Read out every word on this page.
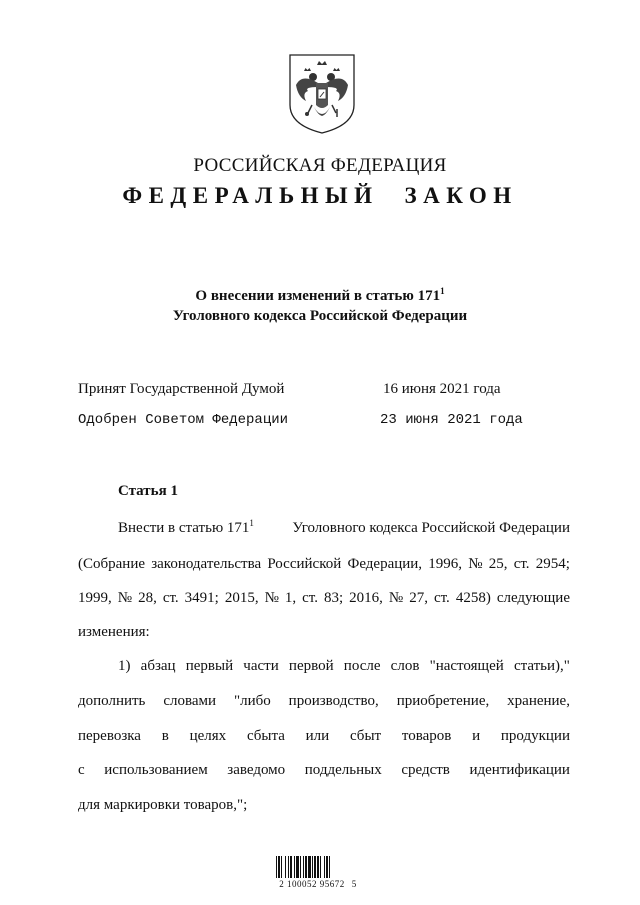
РОССИЙСКАЯ ФЕДЕРАЦИЯ
ФЕДЕРАЛЬНЫЙ ЗАКОН
О внесении изменений в статью $171^1$
Уголовного кодекса Российской Федерации
Принят Государственной Думой	16 июня 2021 года
Одобрен Советом Федерации	23 июня 2021 года
Статья 1
Внести в статью $171^1$	Уголовного кодекса Российской Федерации
(Собрание законодательства Российской Федерации, 1996, № 25, ст. 2954;
1999, № 28, ст. 3491; 2015, № 1, ст. 83; 2016, № 27, ст. 4258) следующие
изменения:
1) абзац первый части первой после слов "настоящей статьи),"
дополнить словами "либо производство, приобретение, хранение,
перевозка в целях сбыта или сбыт товаров и продукции
с использованием заведомо поддельных средств идентификации
для маркировки товаров,";
2 100052 95672 5
